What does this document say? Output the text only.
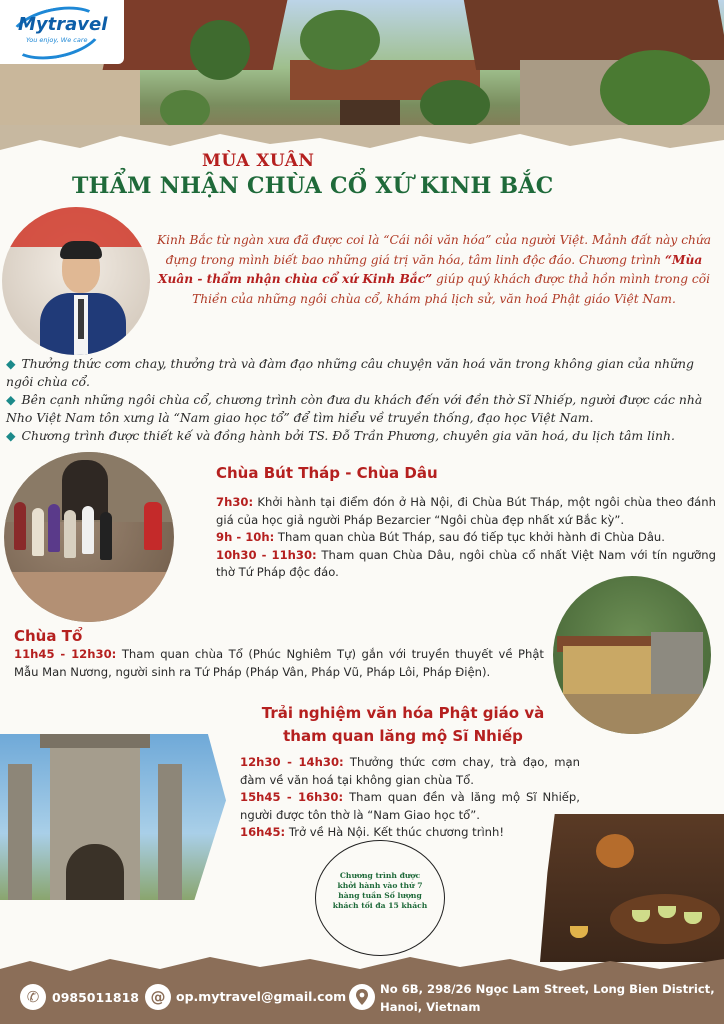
Mytravel
You enjoy, We care
MÙA XUÂN
THẨM NHẬN CHÙA CỔ XỨ KINH BẮC
Kinh Bắc từ ngàn xưa đã được coi là “Cái nôi văn hóa” của người Việt. Mảnh đất này chứa đựng trong mình biết bao những giá trị văn hóa, tâm linh độc đáo. Chương trình “Mùa Xuân - thẩm nhận chùa cổ xứ Kinh Bắc” giúp quý khách được thả hồn mình trong cõi Thiền của những ngôi chùa cổ, khám phá lịch sử, văn hoá Phật giáo Việt Nam.
◆ Thưởng thức cơm chay, thưởng trà và đàm đạo những câu chuyện văn hoá văn trong không gian của những ngôi chùa cổ.
◆ Bên cạnh những ngôi chùa cổ, chương trình còn đưa du khách đến với đền thờ Sĩ Nhiếp, người được các nhà Nho Việt Nam tôn xưng là “Nam giao học tổ” để tìm hiểu về truyền thống, đạo học Việt Nam.
◆ Chương trình được thiết kế và đồng hành bởi TS. Đỗ Trần Phương, chuyên gia văn hoá, du lịch tâm linh.
Chùa Bút Tháp - Chùa Dâu
7h30: Khởi hành tại điểm đón ở Hà Nội, đi Chùa Bút Tháp, một ngôi chùa theo đánh giá của học giả người Pháp Bezarcier “Ngôi chùa đẹp nhất xứ Bắc kỳ”.
9h - 10h: Tham quan chùa Bút Tháp, sau đó tiếp tục khởi hành đi Chùa Dâu.
10h30 - 11h30: Tham quan Chùa Dâu, ngôi chùa cổ nhất Việt Nam với tín ngưỡng thờ Tứ Pháp độc đáo.
Chùa Tổ
11h45 - 12h30: Tham quan chùa Tổ (Phúc Nghiêm Tự) gắn với truyền thuyết về Phật Mẫu Man Nương, người sinh ra Tứ Pháp (Pháp Vân, Pháp Vũ, Pháp Lôi, Pháp Điện).
Trải nghiệm văn hóa Phật giáo và
tham quan lăng mộ Sĩ Nhiếp
12h30 - 14h30: Thưởng thức cơm chay, trà đạo, mạn đàm về văn hoá tại không gian chùa Tổ.
15h45 - 16h30: Tham quan đền và lăng mộ Sĩ Nhiếp, người được tôn thờ là “Nam Giao học tổ”.
16h45: Trở về Hà Nội. Kết thúc chương trình!
Chương trình được khởi hành vào thứ 7 hàng tuần Số lượng khách tối đa 15 khách
✆	0985011818 @ op.mytravel@gmail.com	No 6B, 298/26 Ngọc Lam Street, Long Bien District, Hanoi, Vietnam
